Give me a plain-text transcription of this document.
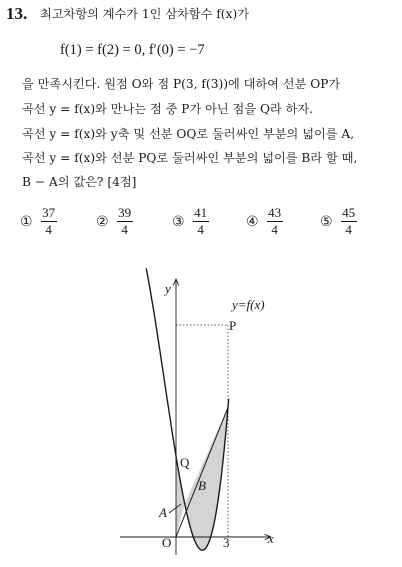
13. 최고차항의 계수가 1인 삼차함수 f(x)가
f(1) = f(2) = 0, f′(0) = −7
을 만족시킨다. 원점 O와 점 P(3, f(3))에 대하여 선분 OP가
곡선 y = f(x)와 만나는 점 중 P가 아닌 점을 Q라 하자.
곡선 y = f(x)와 y축 및 선분 OQ로 둘러싸인 부분의 넓이를 A,
곡선 y = f(x)와 선분 PQ로 둘러싸인 부분의 넓이를 B라 할 때,
B − A의 값은? [4점]
① $\frac{37}{4}$	② $\frac{39}{4}$	③ $\frac{41}{4}$	④ $\frac{43}{4}$	⑤ $\frac{45}{4}$
y
x
O	3
P
Q
A
B
y=f(x)
